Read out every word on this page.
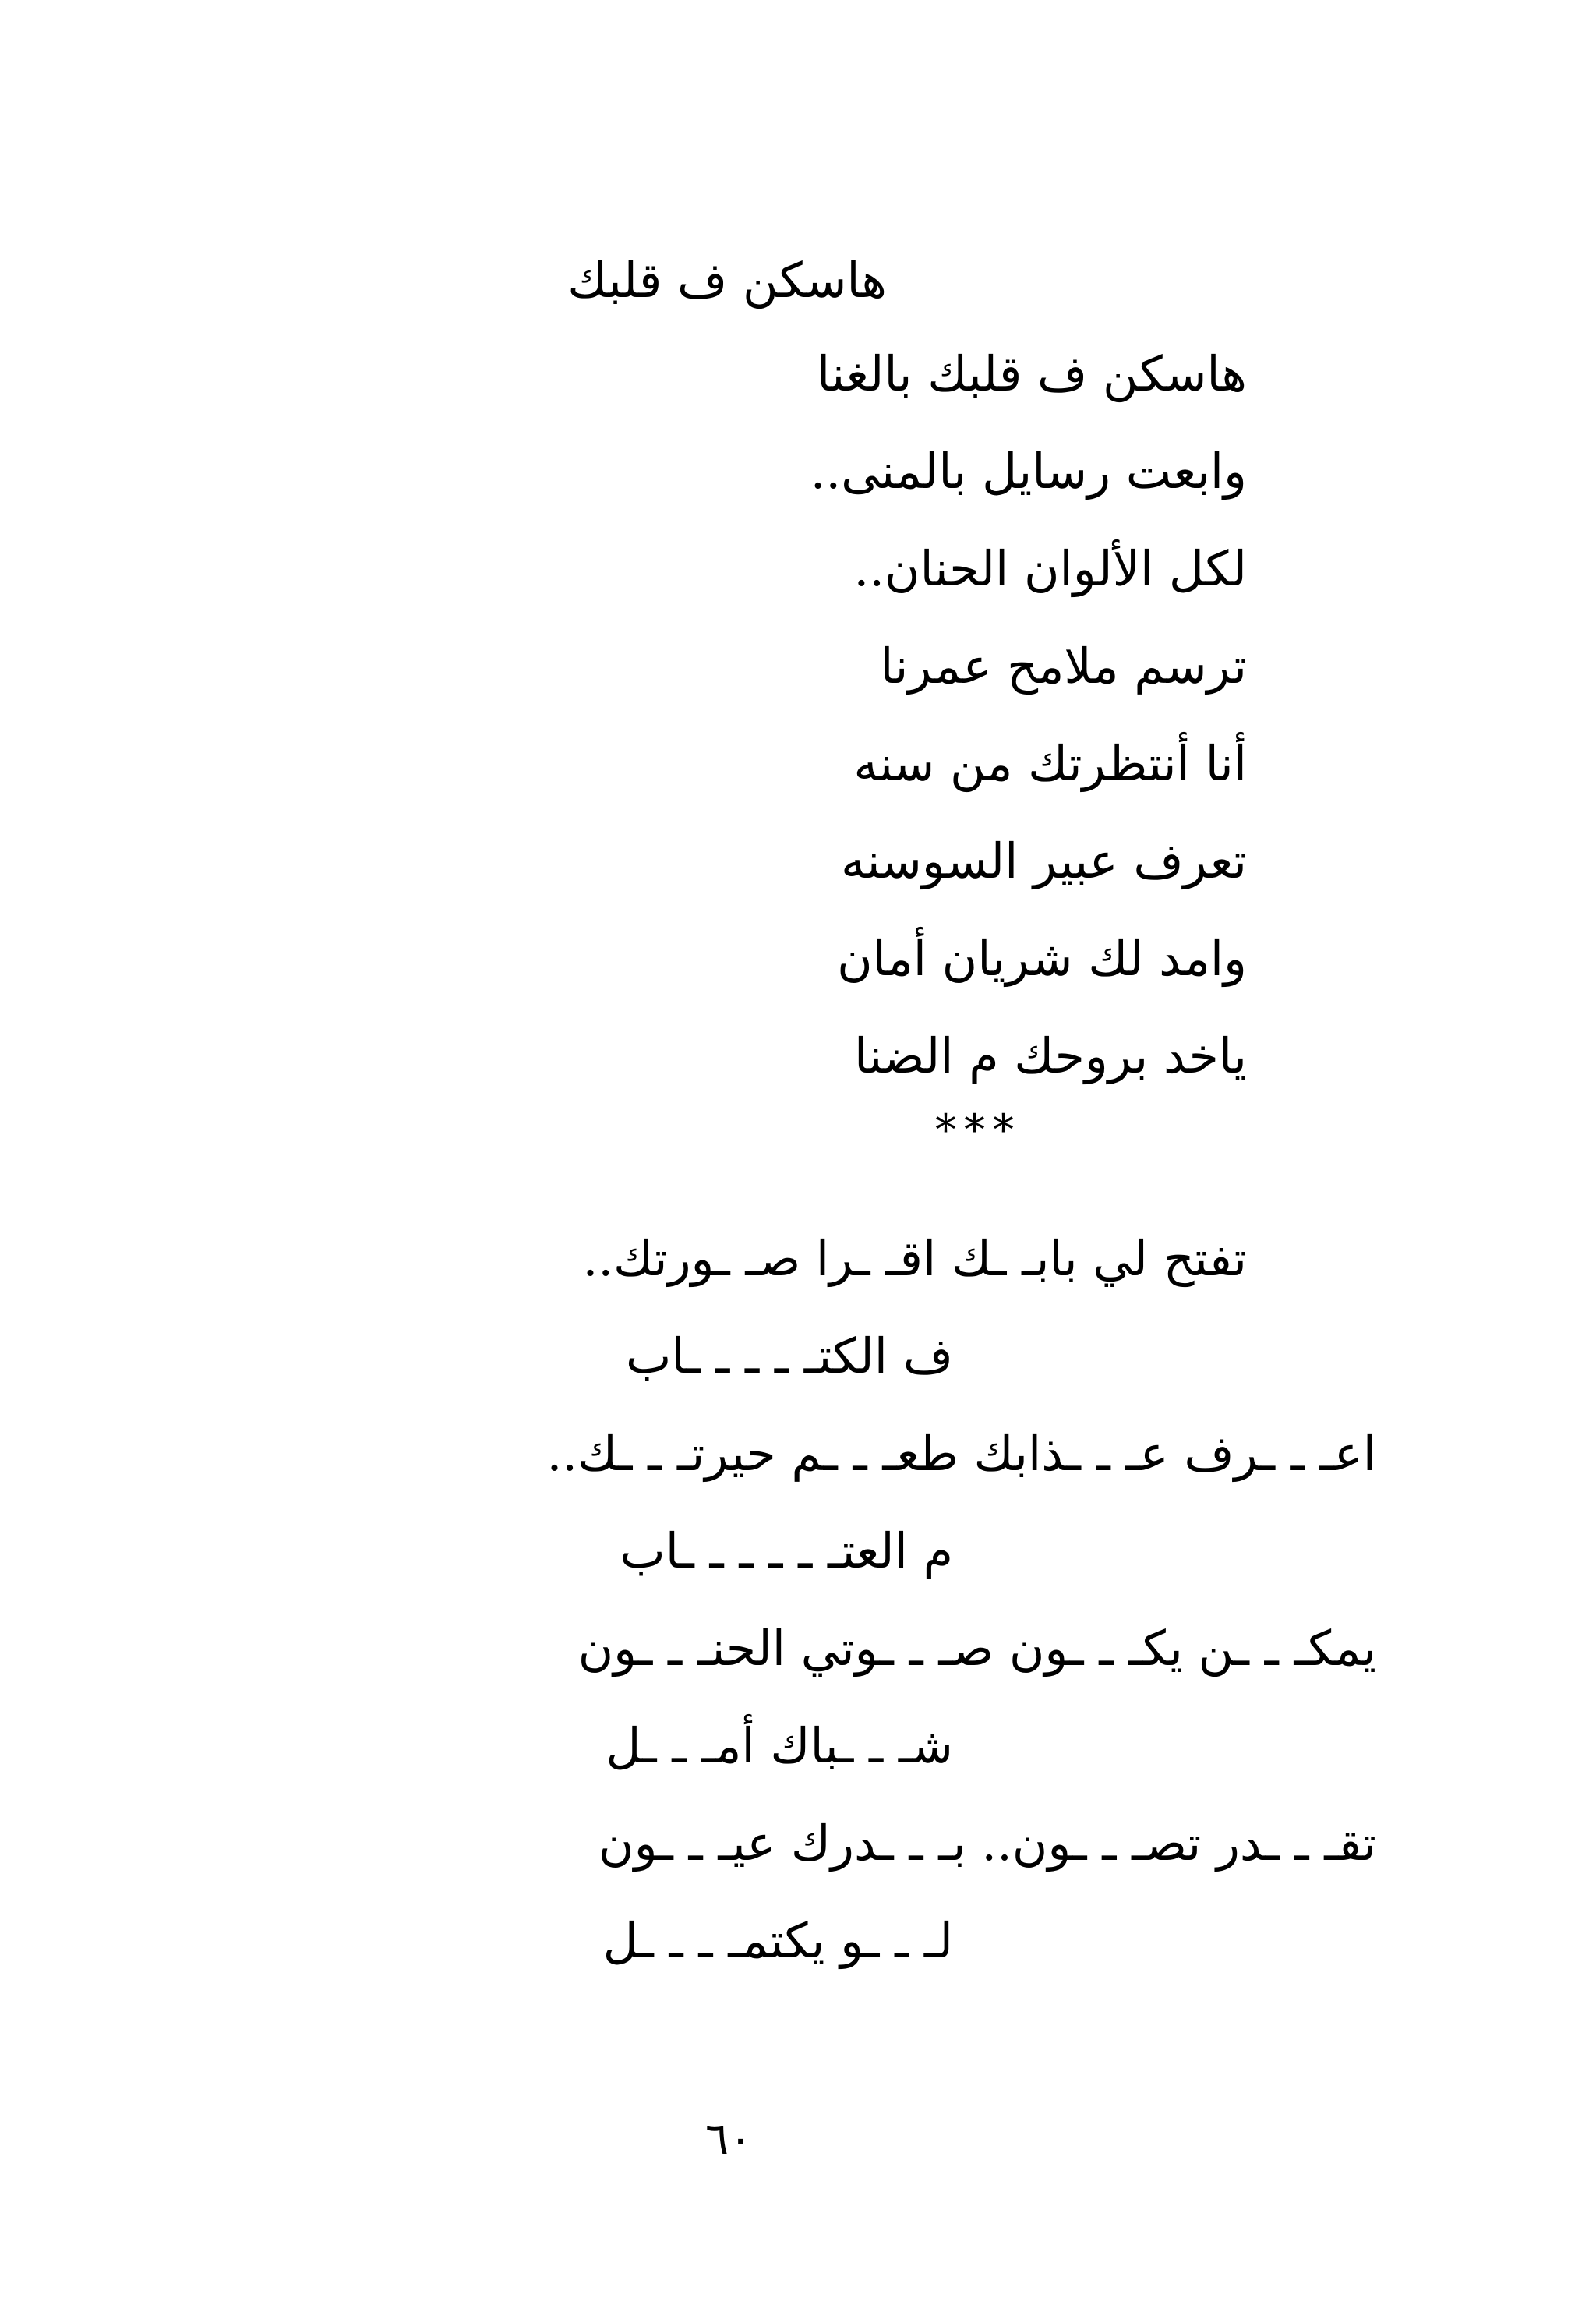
هاسكن ف قلبك
هاسكن ف قلبك بالغنا
وابعت رسايل بالمنى..
لكل الألوان الحنان..
ترسم ملامح عمرنا
أنا أنتظرتك من سنه
تعرف عبير السوسنه
وامد لك شريان أمان
ياخد بروحك م الضنا
***
تفتح لي بابـ ـك اقـ ـرا صـ ـورتك..
ف الكتـ ـ ـ ـ ـاب
اعـ ـ ـرف عـ ـ ـذابك طعـ ـ ـم حيرتـ ـ ـك..
م العتـ ـ ـ ـ ـ ـاب
يمكـ ـ ـن يكـ ـ ـون صـ ـ ـوتي الحنـ ـ ـون
شـ ـ ـباك أمـ ـ ـل
تقـ ـ ـدر تصـ ـ ـون.. بـ ـ ـدرك عيـ ـ ـون
لـ ـ ـو يكتمـ ـ ـ ـل
٦٠
